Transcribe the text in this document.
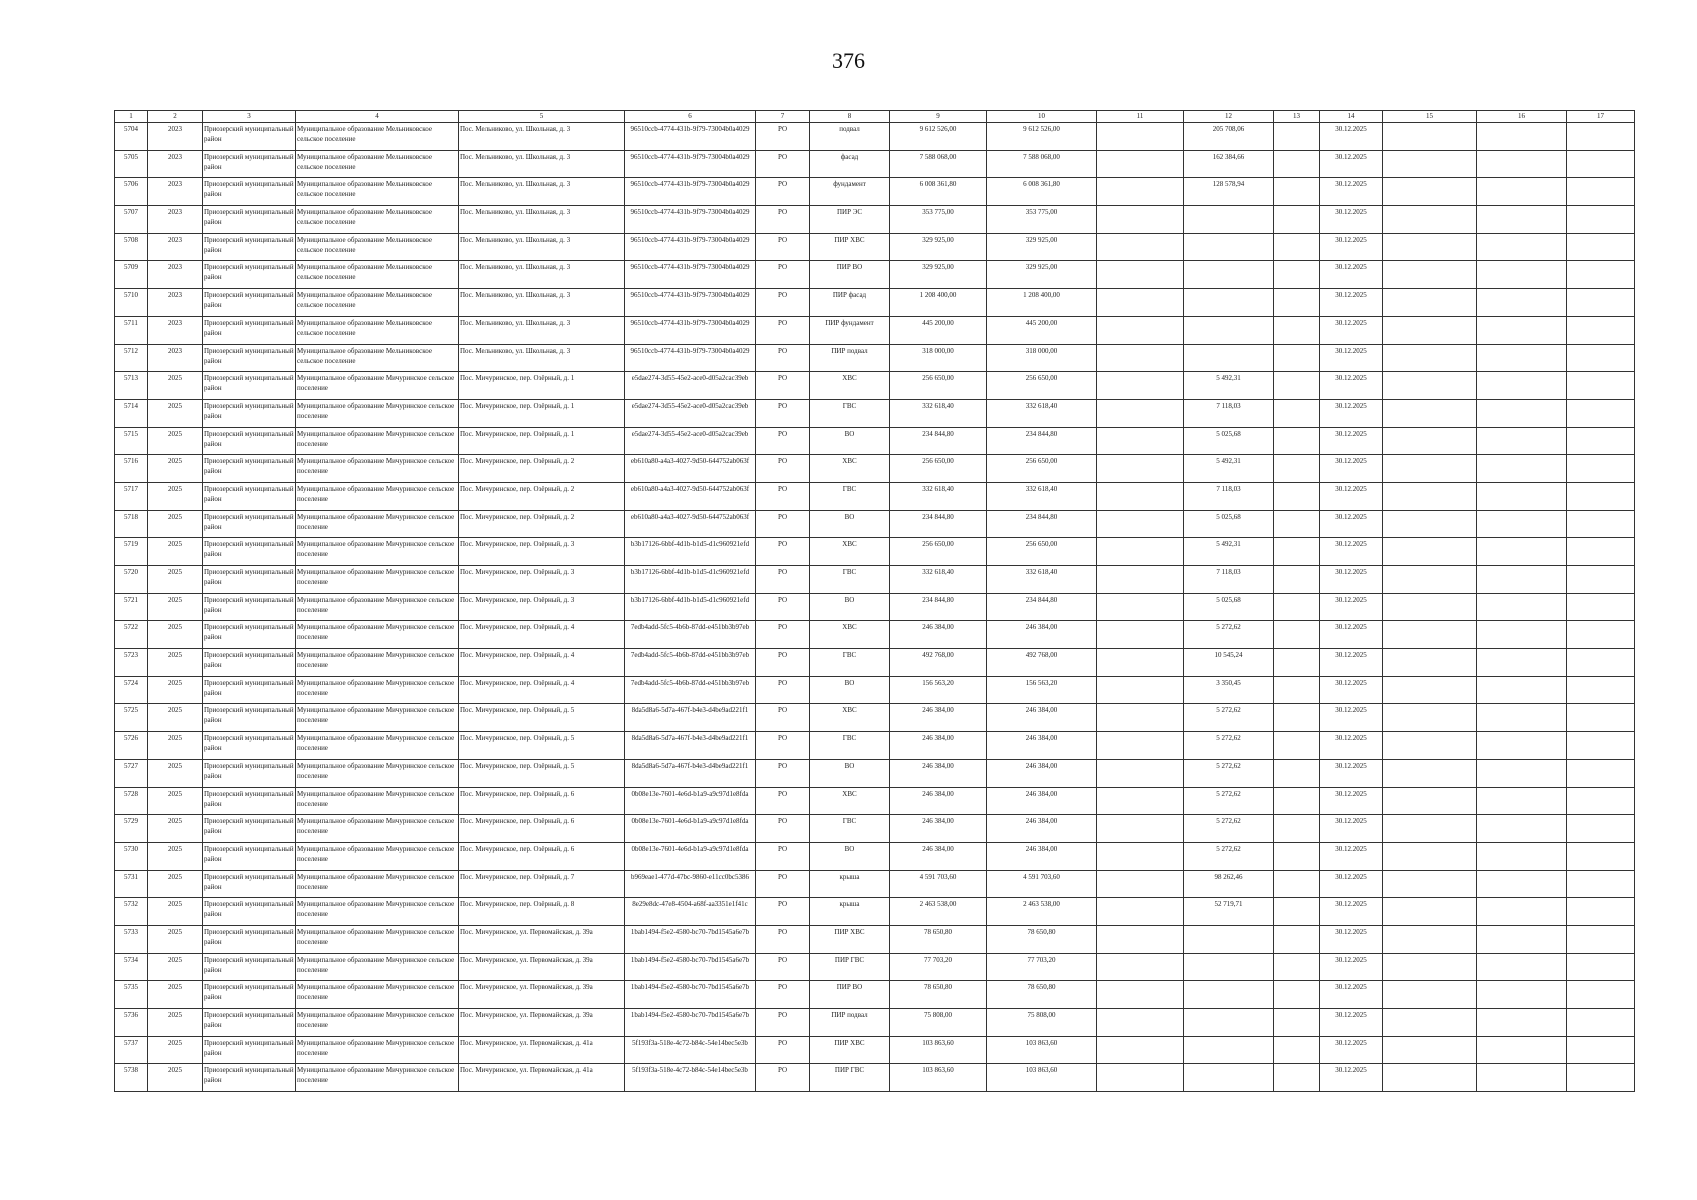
376
1	2	3	4	5	6	7	8	9	10	11	12	13	14	15	16	17
5704	2023	Приозерский муниципальный район	Муниципальное образование Мельниковское сельское поселение	Пос. Мельниково, ул. Школьная, д. 3	96510ccb-4774-431b-9f79-73004b0a4029	РО	подвал	9 612 526,00	9 612 526,00		205 708,06		30.12.2025			
5705	2023	Приозерский муниципальный район	Муниципальное образование Мельниковское сельское поселение	Пос. Мельниково, ул. Школьная, д. 3	96510ccb-4774-431b-9f79-73004b0a4029	РО	фасад	7 588 068,00	7 588 068,00		162 384,66		30.12.2025			
5706	2023	Приозерский муниципальный район	Муниципальное образование Мельниковское сельское поселение	Пос. Мельниково, ул. Школьная, д. 3	96510ccb-4774-431b-9f79-73004b0a4029	РО	фундамент	6 008 361,80	6 008 361,80		128 578,94		30.12.2025			
5707	2023	Приозерский муниципальный район	Муниципальное образование Мельниковское сельское поселение	Пос. Мельниково, ул. Школьная, д. 3	96510ccb-4774-431b-9f79-73004b0a4029	РО	ПИР ЭС	353 775,00	353 775,00				30.12.2025			
5708	2023	Приозерский муниципальный район	Муниципальное образование Мельниковское сельское поселение	Пос. Мельниково, ул. Школьная, д. 3	96510ccb-4774-431b-9f79-73004b0a4029	РО	ПИР ХВС	329 925,00	329 925,00				30.12.2025			
5709	2023	Приозерский муниципальный район	Муниципальное образование Мельниковское сельское поселение	Пос. Мельниково, ул. Школьная, д. 3	96510ccb-4774-431b-9f79-73004b0a4029	РО	ПИР ВО	329 925,00	329 925,00				30.12.2025			
5710	2023	Приозерский муниципальный район	Муниципальное образование Мельниковское сельское поселение	Пос. Мельниково, ул. Школьная, д. 3	96510ccb-4774-431b-9f79-73004b0a4029	РО	ПИР фасад	1 208 400,00	1 208 400,00				30.12.2025			
5711	2023	Приозерский муниципальный район	Муниципальное образование Мельниковское сельское поселение	Пос. Мельниково, ул. Школьная, д. 3	96510ccb-4774-431b-9f79-73004b0a4029	РО	ПИР фундамент	445 200,00	445 200,00				30.12.2025			
5712	2023	Приозерский муниципальный район	Муниципальное образование Мельниковское сельское поселение	Пос. Мельниково, ул. Школьная, д. 3	96510ccb-4774-431b-9f79-73004b0a4029	РО	ПИР подвал	318 000,00	318 000,00				30.12.2025			
5713	2025	Приозерский муниципальный район	Муниципальное образование Мичуринское сельское поселение	Пос. Мичуринское, пер. Озёрный, д. 1	e5dae274-3d55-45e2-ace0-d05a2cac39eb	РО	ХВС	256 650,00	256 650,00		5 492,31		30.12.2025			
5714	2025	Приозерский муниципальный район	Муниципальное образование Мичуринское сельское поселение	Пос. Мичуринское, пер. Озёрный, д. 1	e5dae274-3d55-45e2-ace0-d05a2cac39eb	РО	ГВС	332 618,40	332 618,40		7 118,03		30.12.2025			
5715	2025	Приозерский муниципальный район	Муниципальное образование Мичуринское сельское поселение	Пос. Мичуринское, пер. Озёрный, д. 1	e5dae274-3d55-45e2-ace0-d05a2cac39eb	РО	ВО	234 844,80	234 844,80		5 025,68		30.12.2025			
5716	2025	Приозерский муниципальный район	Муниципальное образование Мичуринское сельское поселение	Пос. Мичуринское, пер. Озёрный, д. 2	eb610a80-a4a3-4027-9d50-644752ab063f	РО	ХВС	256 650,00	256 650,00		5 492,31		30.12.2025			
5717	2025	Приозерский муниципальный район	Муниципальное образование Мичуринское сельское поселение	Пос. Мичуринское, пер. Озёрный, д. 2	eb610a80-a4a3-4027-9d50-644752ab063f	РО	ГВС	332 618,40	332 618,40		7 118,03		30.12.2025			
5718	2025	Приозерский муниципальный район	Муниципальное образование Мичуринское сельское поселение	Пос. Мичуринское, пер. Озёрный, д. 2	eb610a80-a4a3-4027-9d50-644752ab063f	РО	ВО	234 844,80	234 844,80		5 025,68		30.12.2025			
5719	2025	Приозерский муниципальный район	Муниципальное образование Мичуринское сельское поселение	Пос. Мичуринское, пер. Озёрный, д. 3	b3b17126-6bbf-4d1b-b1d5-d1c960921efd	РО	ХВС	256 650,00	256 650,00		5 492,31		30.12.2025			
5720	2025	Приозерский муниципальный район	Муниципальное образование Мичуринское сельское поселение	Пос. Мичуринское, пер. Озёрный, д. 3	b3b17126-6bbf-4d1b-b1d5-d1c960921efd	РО	ГВС	332 618,40	332 618,40		7 118,03		30.12.2025			
5721	2025	Приозерский муниципальный район	Муниципальное образование Мичуринское сельское поселение	Пос. Мичуринское, пер. Озёрный, д. 3	b3b17126-6bbf-4d1b-b1d5-d1c960921efd	РО	ВО	234 844,80	234 844,80		5 025,68		30.12.2025			
5722	2025	Приозерский муниципальный район	Муниципальное образование Мичуринское сельское поселение	Пос. Мичуринское, пер. Озёрный, д. 4	7edb4add-5fc5-4b6b-87dd-e451bb3b97eb	РО	ХВС	246 384,00	246 384,00		5 272,62		30.12.2025			
5723	2025	Приозерский муниципальный район	Муниципальное образование Мичуринское сельское поселение	Пос. Мичуринское, пер. Озёрный, д. 4	7edb4add-5fc5-4b6b-87dd-e451bb3b97eb	РО	ГВС	492 768,00	492 768,00		10 545,24		30.12.2025			
5724	2025	Приозерский муниципальный район	Муниципальное образование Мичуринское сельское поселение	Пос. Мичуринское, пер. Озёрный, д. 4	7edb4add-5fc5-4b6b-87dd-e451bb3b97eb	РО	ВО	156 563,20	156 563,20		3 350,45		30.12.2025			
5725	2025	Приозерский муниципальный район	Муниципальное образование Мичуринское сельское поселение	Пос. Мичуринское, пер. Озёрный, д. 5	8da5d8a6-5d7a-467f-b4e3-d4be9ad221f1	РО	ХВС	246 384,00	246 384,00		5 272,62		30.12.2025			
5726	2025	Приозерский муниципальный район	Муниципальное образование Мичуринское сельское поселение	Пос. Мичуринское, пер. Озёрный, д. 5	8da5d8a6-5d7a-467f-b4e3-d4be9ad221f1	РО	ГВС	246 384,00	246 384,00		5 272,62		30.12.2025			
5727	2025	Приозерский муниципальный район	Муниципальное образование Мичуринское сельское поселение	Пос. Мичуринское, пер. Озёрный, д. 5	8da5d8a6-5d7a-467f-b4e3-d4be9ad221f1	РО	ВО	246 384,00	246 384,00		5 272,62		30.12.2025			
5728	2025	Приозерский муниципальный район	Муниципальное образование Мичуринское сельское поселение	Пос. Мичуринское, пер. Озёрный, д. 6	0b08e13e-7601-4e6d-b1a9-a9c97d1e8fda	РО	ХВС	246 384,00	246 384,00		5 272,62		30.12.2025			
5729	2025	Приозерский муниципальный район	Муниципальное образование Мичуринское сельское поселение	Пос. Мичуринское, пер. Озёрный, д. 6	0b08e13e-7601-4e6d-b1a9-a9c97d1e8fda	РО	ГВС	246 384,00	246 384,00		5 272,62		30.12.2025			
5730	2025	Приозерский муниципальный район	Муниципальное образование Мичуринское сельское поселение	Пос. Мичуринское, пер. Озёрный, д. 6	0b08e13e-7601-4e6d-b1a9-a9c97d1e8fda	РО	ВО	246 384,00	246 384,00		5 272,62		30.12.2025			
5731	2025	Приозерский муниципальный район	Муниципальное образование Мичуринское сельское поселение	Пос. Мичуринское, пер. Озёрный, д. 7	b969eae1-477d-47bc-9860-e11cc0bc5386	РО	крыша	4 591 703,60	4 591 703,60		98 262,46		30.12.2025			
5732	2025	Приозерский муниципальный район	Муниципальное образование Мичуринское сельское поселение	Пос. Мичуринское, пер. Озёрный, д. 8	8e29e8dc-47e8-4504-a68f-aa3351e1f41c	РО	крыша	2 463 538,00	2 463 538,00		52 719,71		30.12.2025			
5733	2025	Приозерский муниципальный район	Муниципальное образование Мичуринское сельское поселение	Пос. Мичуринское, ул. Первомайская, д. 39а	1bab1494-f5e2-4580-bc70-7bd1545a6e7b	РО	ПИР ХВС	78 650,80	78 650,80				30.12.2025			
5734	2025	Приозерский муниципальный район	Муниципальное образование Мичуринское сельское поселение	Пос. Мичуринское, ул. Первомайская, д. 39а	1bab1494-f5e2-4580-bc70-7bd1545a6e7b	РО	ПИР ГВС	77 703,20	77 703,20				30.12.2025			
5735	2025	Приозерский муниципальный район	Муниципальное образование Мичуринское сельское поселение	Пос. Мичуринское, ул. Первомайская, д. 39а	1bab1494-f5e2-4580-bc70-7bd1545a6e7b	РО	ПИР ВО	78 650,80	78 650,80				30.12.2025			
5736	2025	Приозерский муниципальный район	Муниципальное образование Мичуринское сельское поселение	Пос. Мичуринское, ул. Первомайская, д. 39а	1bab1494-f5e2-4580-bc70-7bd1545a6e7b	РО	ПИР подвал	75 808,00	75 808,00				30.12.2025			
5737	2025	Приозерский муниципальный район	Муниципальное образование Мичуринское сельское поселение	Пос. Мичуринское, ул. Первомайская, д. 41а	5f193f3a-518e-4c72-b84c-54e14bec5e3b	РО	ПИР ХВС	103 863,60	103 863,60				30.12.2025			
5738	2025	Приозерский муниципальный район	Муниципальное образование Мичуринское сельское поселение	Пос. Мичуринское, ул. Первомайская, д. 41а	5f193f3a-518e-4c72-b84c-54e14bec5e3b	РО	ПИР ГВС	103 863,60	103 863,60				30.12.2025			
